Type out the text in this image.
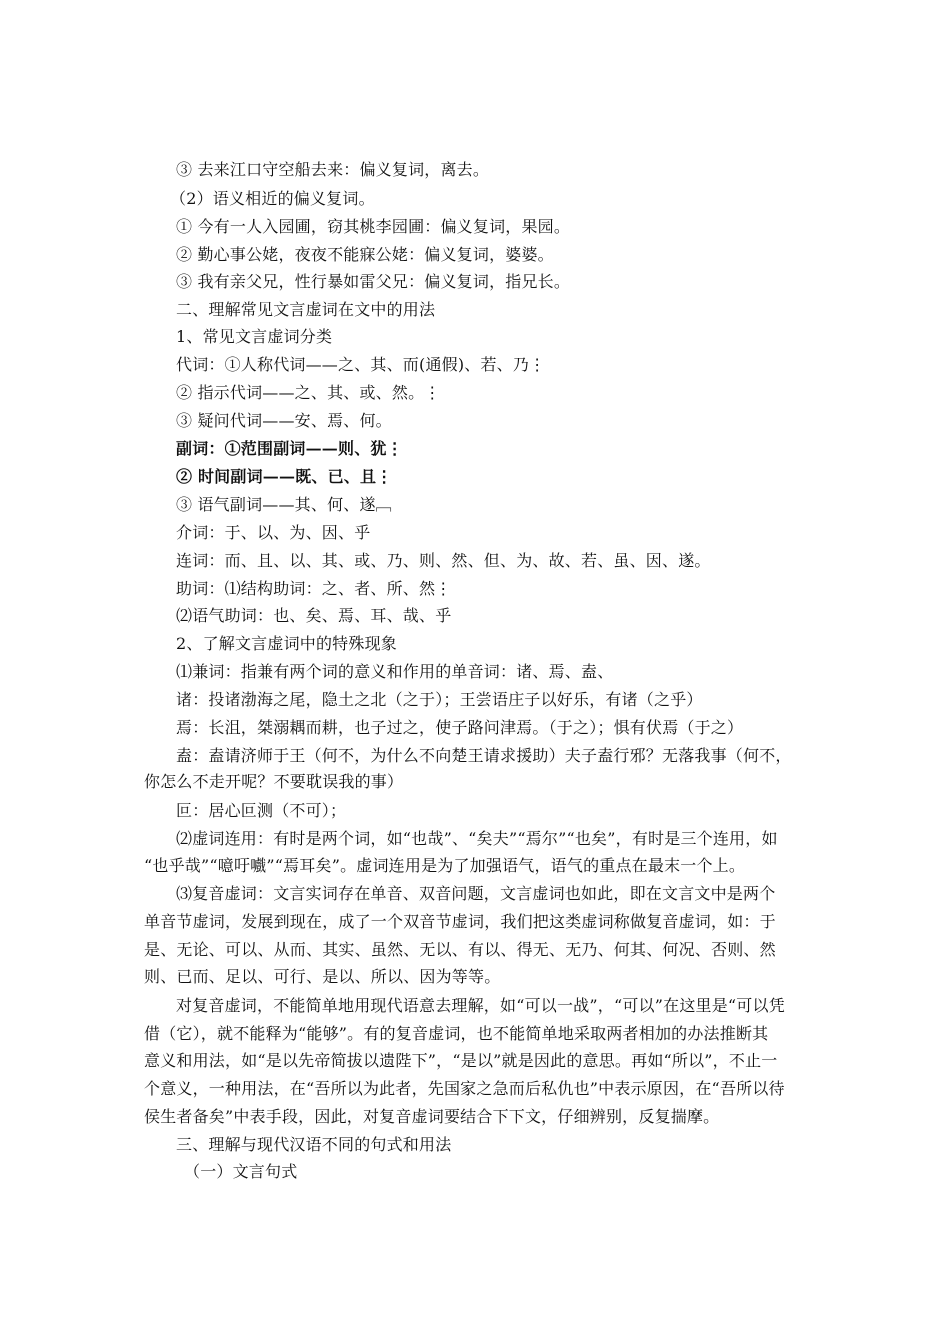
③ 去来江口守空船去来：偏义复词，离去。
（2）语义相近的偏义复词。
① 今有一人入园圃，窃其桃李园圃：偏义复词，果园。
② 勤心事公姥，夜夜不能寐公姥：偏义复词，婆婆。
③ 我有亲父兄，性行暴如雷父兄：偏义复词，指兄长。
二、理解常见文言虚词在文中的用法
1、常见文言虚词分类
代词：①人称代词——之、其、而(通假)、若、乃⋮
② 指示代词——之、其、或、然。⋮
③ 疑问代词——安、焉、何。
副词：①范围副词——则、犹⋮
② 时间副词——既、已、且⋮
③ 语气副词——其、何、遂﹇
介词：于、以、为、因、乎
连词：而、且、以、其、或、乃、则、然、但、为、故、若、虽、因、遂。
助词：⑴结构助词：之、者、所、然⋮
⑵语气助词：也、矣、焉、耳、哉、乎
2、了解文言虚词中的特殊现象
⑴兼词：指兼有两个词的意义和作用的单音词：诸、焉、盍、
诸：投诸渤海之尾，隐土之北（之于）；王尝语庄子以好乐，有诸（之乎）
焉：长沮，桀溺耦而耕，也子过之，使子路问津焉。（于之）；惧有伏焉（于之）
盍：盍请济师于王（何不，为什么不向楚王请求援助）夫子盍行邪？无落我事（何不，
你怎么不走开呢？不要耽误我的事）
叵：居心叵测（不可）；
⑵虚词连用：有时是两个词，如“也哉”、“矣夫”“焉尔”“也矣”，有时是三个连用，如
“也乎哉”“噫吁嚱”“焉耳矣”。虚词连用是为了加强语气，语气的重点在最末一个上。
⑶复音虚词：文言实词存在单音、双音问题，文言虚词也如此，即在文言文中是两个
单音节虚词，发展到现在，成了一个双音节虚词，我们把这类虚词称做复音虚词，如：于
是、无论、可以、从而、其实、虽然、无以、有以、得无、无乃、何其、何况、否则、然
则、已而、足以、可行、是以、所以、因为等等。
对复音虚词，不能简单地用现代语意去理解，如“可以一战”，“可以”在这里是“可以凭
借（它），就不能释为“能够”。有的复音虚词，也不能简单地采取两者相加的办法推断其
意义和用法，如“是以先帝简拔以遗陛下”，“是以”就是因此的意思。再如“所以”，不止一
个意义，一种用法，在“吾所以为此者，先国家之急而后私仇也”中表示原因，在“吾所以待
侯生者备矣”中表手段，因此，对复音虚词要结合下下文，仔细辨别，反复揣摩。
三、理解与现代汉语不同的句式和用法
（一）文言句式
